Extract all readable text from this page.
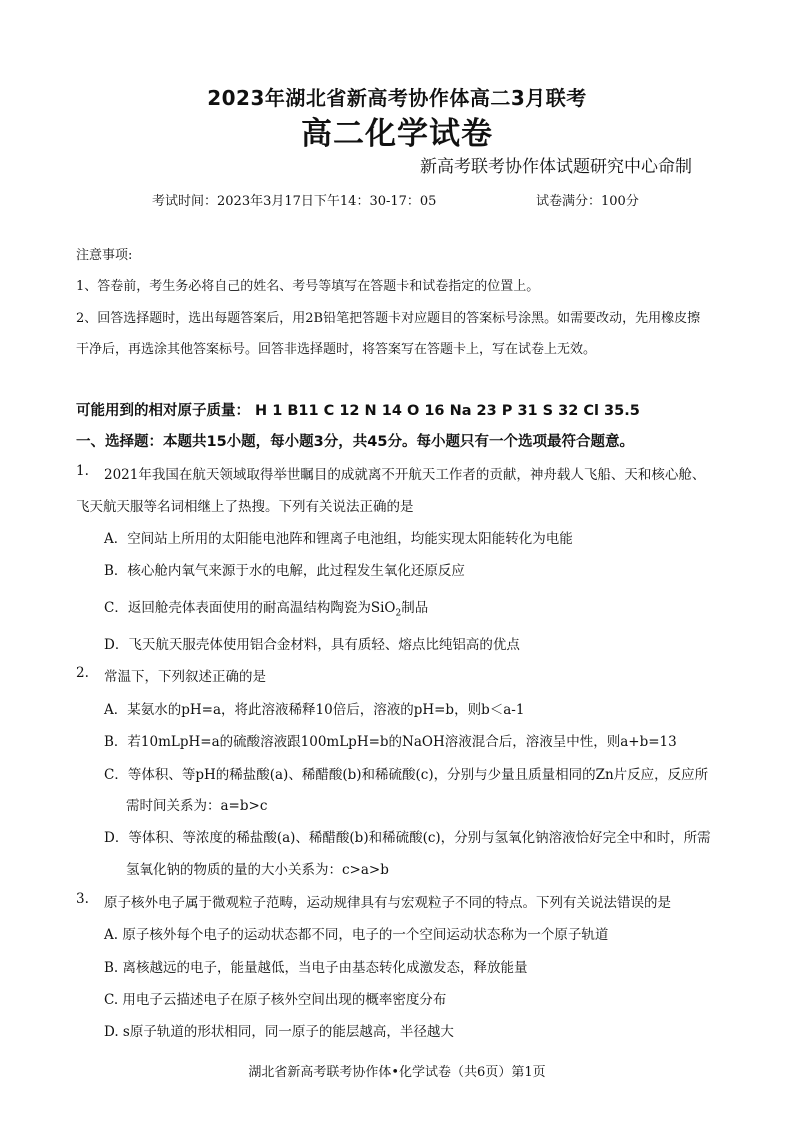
2023年湖北省新高考协作体高二3月联考
高二化学试卷
新高考联考协作体试题研究中心命制
考试时间：2023年3月17日下午14：30-17：05	试卷满分：100分
注意事项:
1、答卷前，考生务必将自己的姓名、考号等填写在答题卡和试卷指定的位置上。
2、回答选择题时，选出每题答案后，用2B铅笔把答题卡对应题目的答案标号涂黑。如需要改动，先用橡皮擦
干净后，再选涂其他答案标号。回答非选择题时，将答案写在答题卡上，写在试卷上无效。
可能用到的相对原子质量： H 1 B11 C 12 N 14 O 16 Na 23 P 31 S 32 Cl 35.5
一、选择题：本题共15小题，每小题3分，共45分。每小题只有一个选项最符合题意。
1. 2021年我国在航天领域取得举世瞩目的成就离不开航天工作者的贡献，神舟载人飞船、天和核心舱、
飞天航天服等名词相继上了热搜。下列有关说法正确的是
A．空间站上所用的太阳能电池阵和锂离子电池组，均能实现太阳能转化为电能
B．核心舱内氧气来源于水的电解，此过程发生氧化还原反应
C．返回舱壳体表面使用的耐高温结构陶瓷为SiO$_2$制品
D．飞天航天服壳体使用铝合金材料，具有质轻、熔点比纯铝高的优点
2. 常温下，下列叙述正确的是
A．某氨水的pH=a，将此溶液稀释10倍后，溶液的pH=b，则b＜a-1
B．若10mLpH=a的硫酸溶液跟100mLpH=b的NaOH溶液混合后，溶液呈中性，则a+b=13
C．等体积、等pH的稀盐酸(a)、稀醋酸(b)和稀硫酸(c)，分别与少量且质量相同的Zn片反应，反应所
需时间关系为：a=b>c
D．等体积、等浓度的稀盐酸(a)、稀醋酸(b)和稀硫酸(c)，分别与氢氧化钠溶液恰好完全中和时，所需
氢氧化钠的物质的量的大小关系为：c>a>b
3. 原子核外电子属于微观粒子范畴，运动规律具有与宏观粒子不同的特点。下列有关说法错误的是
A. 原子核外每个电子的运动状态都不同，电子的一个空间运动状态称为一个原子轨道
B. 离核越远的电子，能量越低，当电子由基态转化成激发态，释放能量
C. 用电子云描述电子在原子核外空间出现的概率密度分布
D. s原子轨道的形状相同，同一原子的能层越高，半径越大
湖北省新高考联考协作体•化学试卷（共6页）第1页
